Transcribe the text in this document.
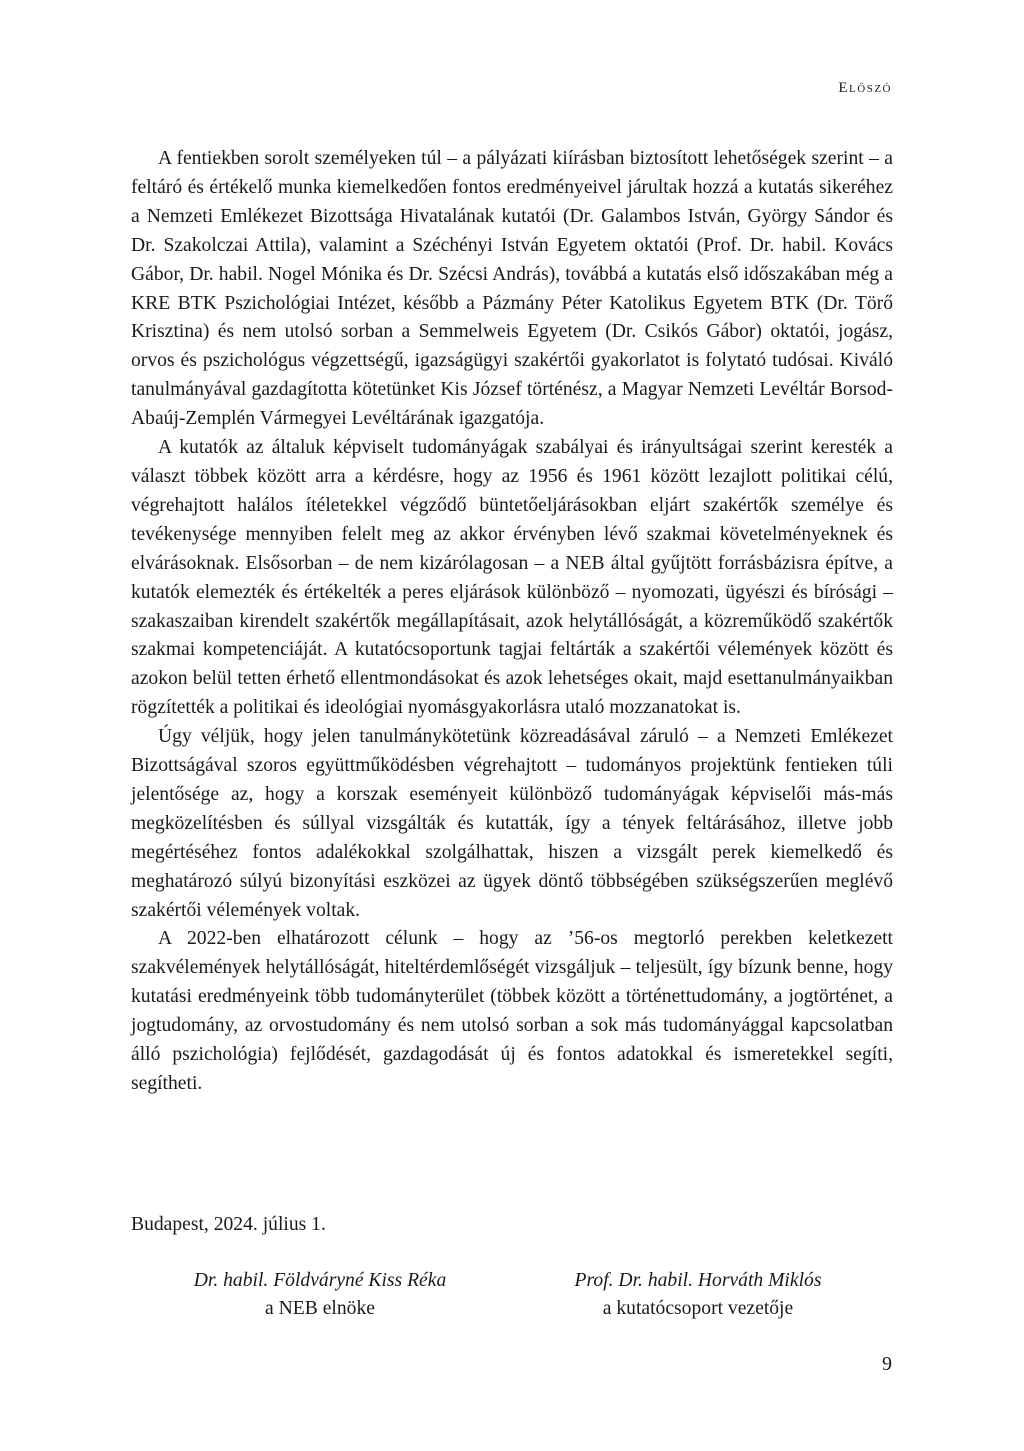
Előszó

A fentiekben sorolt személyeken túl – a pályázati kiírásban biztosított lehetőségek szerint – a feltáró és értékelő munka kiemelkedően fontos eredményeivel járultak hozzá a kutatás sikeréhez a Nemzeti Emlékezet Bizottsága Hivatalának kutatói (Dr. Galambos István, György Sándor és Dr. Szakolczai Attila), valamint a Széchényi István Egyetem oktatói (Prof. Dr. habil. Kovács Gábor, Dr. habil. Nogel Mónika és Dr. Szécsi András), továbbá a kutatás első időszakában még a KRE BTK Pszichológiai Intézet, később a Pázmány Péter Katolikus Egyetem BTK (Dr. Törő Krisztina) és nem utolsó sorban a Semmelweis Egyetem (Dr. Csikós Gábor) oktatói, jogász, orvos és pszichológus végzettségű, igazságügyi szakértői gyakorlatot is folytató tudósai. Kiváló tanulmányával gazdagította kötetünket Kis József történész, a Magyar Nemzeti Levéltár Borsod-Abaúj-Zemplén Vármegyei Levéltárának igazgatója.

A kutatók az általuk képviselt tudományágak szabályai és irányultságai szerint keresték a választ többek között arra a kérdésre, hogy az 1956 és 1961 között lezajlott politikai célú, végrehajtott halálos ítéletekkel végződő büntetőeljárásokban eljárt szakértők személye és tevékenysége mennyiben felelt meg az akkor érvényben lévő szakmai követelményeknek és elvárásoknak. Elsősorban – de nem kizárólagosan – a NEB által gyűjtött forrásbázisra építve, a kutatók elemezték és értékelték a peres eljárások különböző – nyomozati, ügyészi és bírósági – szakaszaiban kirendelt szakértők megállapításait, azok helytállóságát, a közreműködő szakértők szakmai kompetenciáját. A kutatócsoportunk tagjai feltárták a szakértői vélemények között és azokon belül tetten érhető ellentmondásokat és azok lehetséges okait, majd esettanulmányaikban rögzítették a politikai és ideológiai nyomásgyakorlásra utaló mozzanatokat is.

Úgy véljük, hogy jelen tanulmánykötetünk közreadásával záruló – a Nemzeti Emlékezet Bizottságával szoros együttműködésben végrehajtott – tudományos projektünk fentieken túli jelentősége az, hogy a korszak eseményeit különböző tudományágak képviselői más-más megközelítésben és súllyal vizsgálták és kutatták, így a tények feltárásához, illetve jobb megértéséhez fontos adalékokkal szolgálhattak, hiszen a vizsgált perek kiemelkedő és meghatározó súlyú bizonyítási eszközei az ügyek döntő többségében szükségszerűen meglévő szakértői vélemények voltak.

A 2022-ben elhatározott célunk – hogy az ’56-os megtorló perekben keletkezett szakvélemények helytállóságát, hiteltérdemlőségét vizsgáljuk – teljesült, így bízunk benne, hogy kutatási eredményeink több tudományterület (többek között a történettudomány, a jogtörténet, a jogtudomány, az orvostudomány és nem utolsó sorban a sok más tudományággal kapcsolatban álló pszichológia) fejlődését, gazdagodását új és fontos adatokkal és ismeretekkel segíti, segítheti.

Budapest, 2024. július 1.
Dr. habil. Földváryné Kiss Réka
a NEB elnöke
Prof. Dr. habil. Horváth Miklós
a kutatócsoport vezetője
9
